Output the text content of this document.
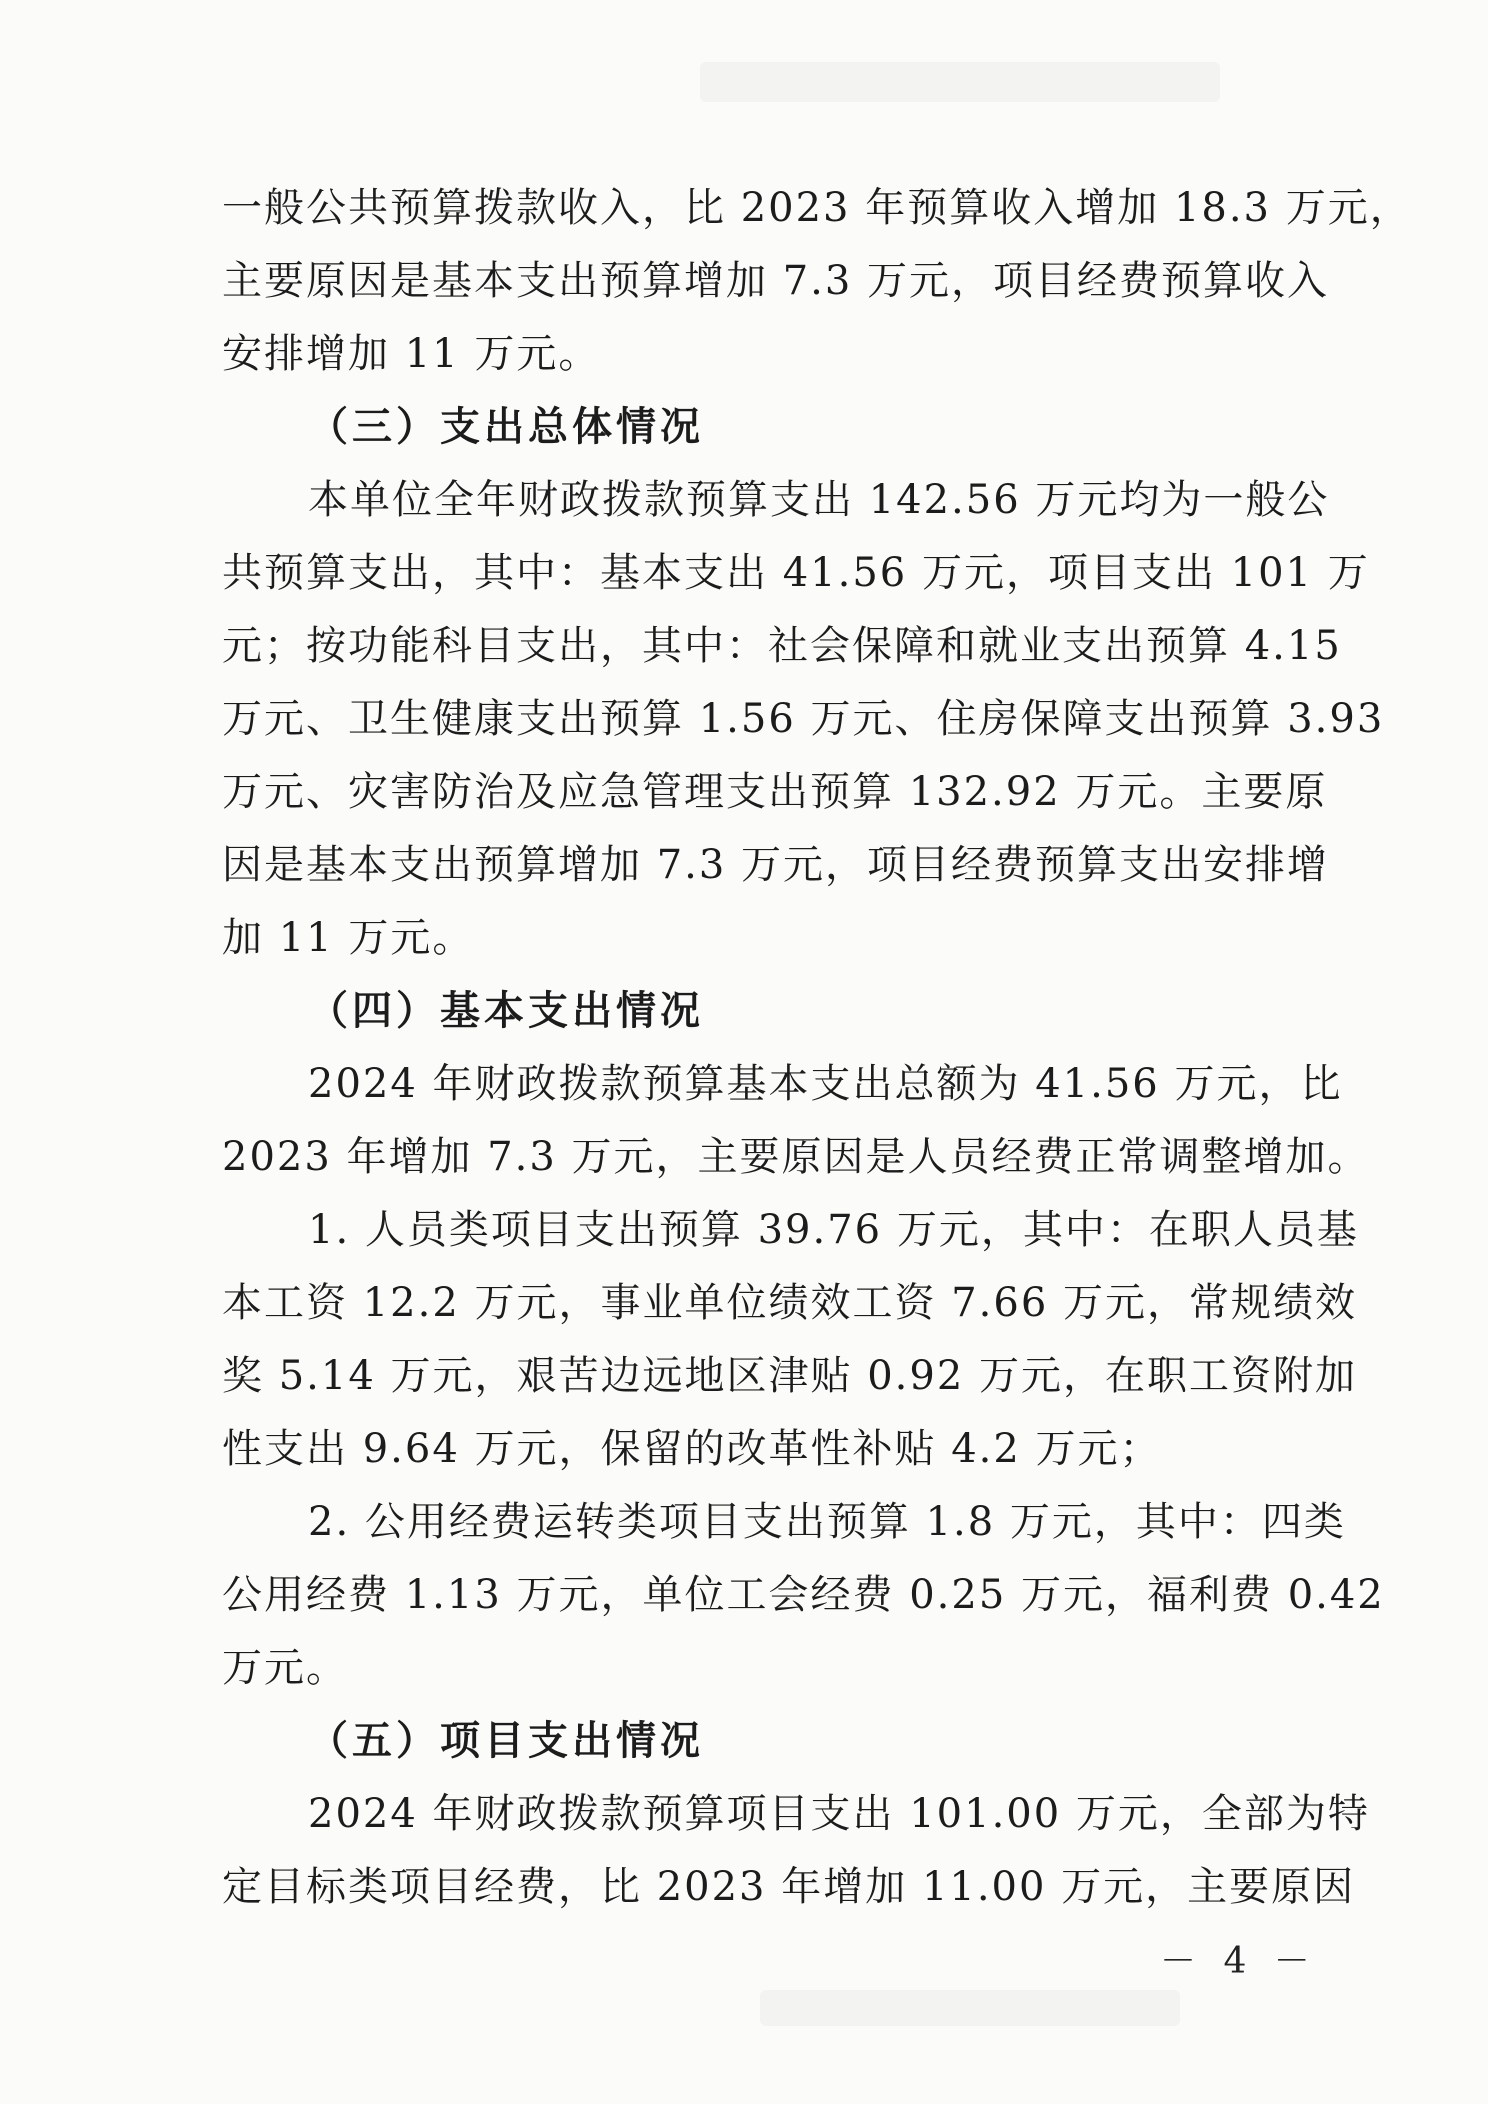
一般公共预算拨款收入，比 2023 年预算收入增加 18.3 万元，
主要原因是基本支出预算增加 7.3 万元，项目经费预算收入
安排增加 11 万元。
（三）支出总体情况
本单位全年财政拨款预算支出 142.56 万元均为一般公
共预算支出，其中：基本支出 41.56 万元，项目支出 101 万
元；按功能科目支出，其中：社会保障和就业支出预算 4.15
万元、卫生健康支出预算 1.56 万元、住房保障支出预算 3.93
万元、灾害防治及应急管理支出预算 132.92 万元。主要原
因是基本支出预算增加 7.3 万元，项目经费预算支出安排增
加 11 万元。
（四）基本支出情况
2024 年财政拨款预算基本支出总额为 41.56 万元，比
2023 年增加 7.3 万元，主要原因是人员经费正常调整增加。
1. 人员类项目支出预算 39.76 万元，其中：在职人员基
本工资 12.2 万元，事业单位绩效工资 7.66 万元，常规绩效
奖 5.14 万元，艰苦边远地区津贴 0.92 万元，在职工资附加
性支出 9.64 万元，保留的改革性补贴 4.2 万元；
2. 公用经费运转类项目支出预算 1.8 万元，其中：四类
公用经费 1.13 万元，单位工会经费 0.25 万元，福利费 0.42
万元。
（五）项目支出情况
2024 年财政拨款预算项目支出 101.00 万元，全部为特
定目标类项目经费，比 2023 年增加 11.00 万元，主要原因
－ 4 －
